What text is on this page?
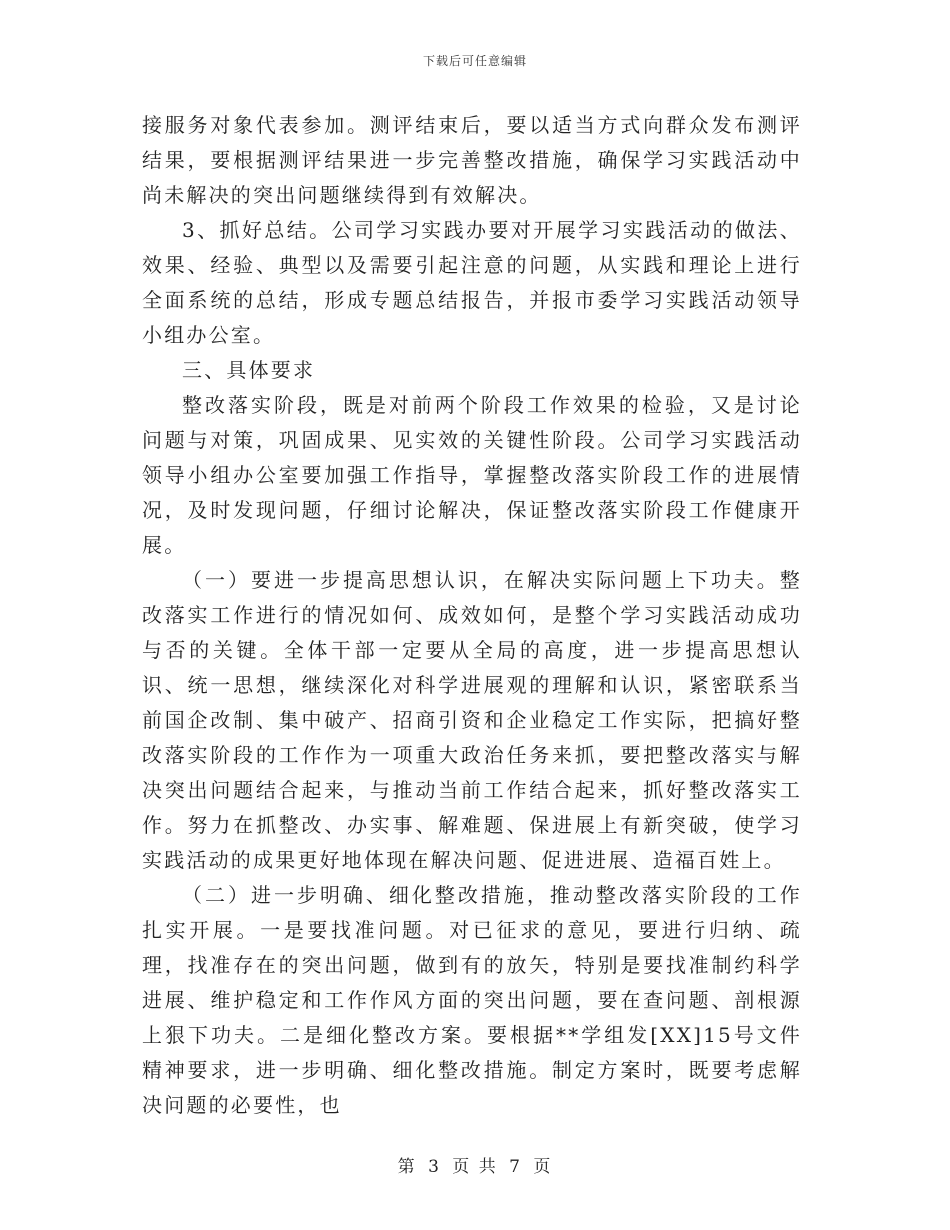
下载后可任意编辑

接服务对象代表参加。测评结束后，要以适当方式向群众发布测评结果，要根据测评结果进一步完善整改措施，确保学习实践活动中尚未解决的突出问题继续得到有效解决。

3、抓好总结。公司学习实践办要对开展学习实践活动的做法、效果、经验、典型以及需要引起注意的问题，从实践和理论上进行全面系统的总结，形成专题总结报告，并报市委学习实践活动领导小组办公室。

三、具体要求

整改落实阶段，既是对前两个阶段工作效果的检验，又是讨论问题与对策，巩固成果、见实效的关键性阶段。公司学习实践活动领导小组办公室要加强工作指导，掌握整改落实阶段工作的进展情况，及时发现问题，仔细讨论解决，保证整改落实阶段工作健康开展。

（一）要进一步提高思想认识，在解决实际问题上下功夫。整改落实工作进行的情况如何、成效如何，是整个学习实践活动成功与否的关键。全体干部一定要从全局的高度，进一步提高思想认识、统一思想，继续深化对科学进展观的理解和认识，紧密联系当前国企改制、集中破产、招商引资和企业稳定工作实际，把搞好整改落实阶段的工作作为一项重大政治任务来抓，要把整改落实与解决突出问题结合起来，与推动当前工作结合起来，抓好整改落实工作。努力在抓整改、办实事、解难题、保进展上有新突破，使学习实践活动的成果更好地体现在解决问题、促进进展、造福百姓上。

（二）进一步明确、细化整改措施，推动整改落实阶段的工作扎实开展。一是要找准问题。对已征求的意见，要进行归纳、疏理，找准存在的突出问题，做到有的放矢，特别是要找准制约科学进展、维护稳定和工作作风方面的突出问题，要在查问题、剖根源上狠下功夫。二是细化整改方案。要根据**学组发[XX]15号文件精神要求，进一步明确、细化整改措施。制定方案时，既要考虑解决问题的必要性，也

第 3 页 共 7 页
